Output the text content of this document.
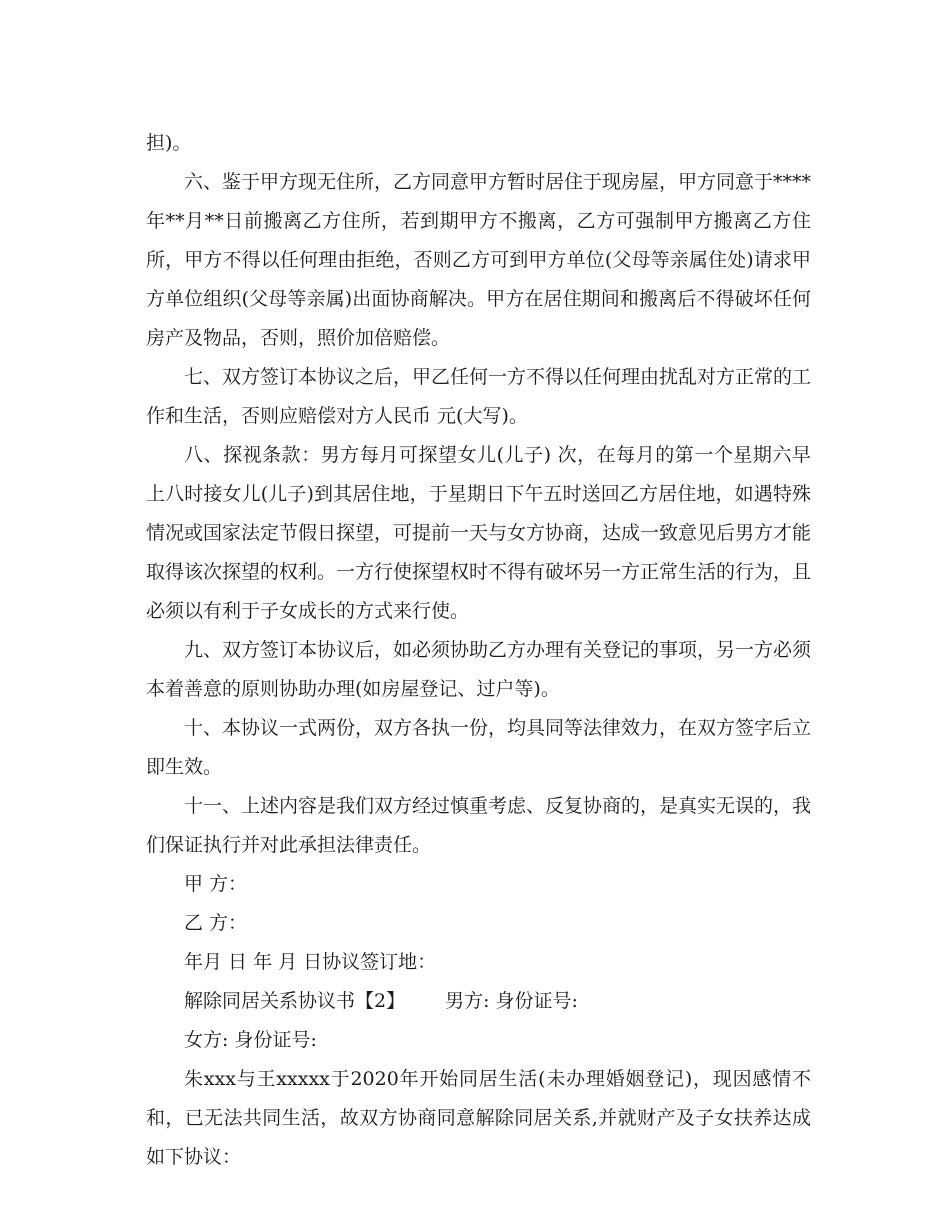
担)。

六、鉴于甲方现无住所，乙方同意甲方暂时居住于现房屋，甲方同意于****年**月**日前搬离乙方住所，若到期甲方不搬离，乙方可强制甲方搬离乙方住所，甲方不得以任何理由拒绝，否则乙方可到甲方单位(父母等亲属住处)请求甲方单位组织(父母等亲属)出面协商解决。甲方在居住期间和搬离后不得破坏任何房产及物品，否则，照价加倍赔偿。

七、双方签订本协议之后，甲乙任何一方不得以任何理由扰乱对方正常的工作和生活，否则应赔偿对方人民币 元(大写)。

八、探视条款：男方每月可探望女儿(儿子) 次，在每月的第一个星期六早上八时接女儿(儿子)到其居住地，于星期日下午五时送回乙方居住地，如遇特殊情况或国家法定节假日探望，可提前一天与女方协商，达成一致意见后男方才能取得该次探望的权利。一方行使探望权时不得有破坏另一方正常生活的行为，且必须以有利于子女成长的方式来行使。

九、双方签订本协议后，如必须协助乙方办理有关登记的事项，另一方必须本着善意的原则协助办理(如房屋登记、过户等)。

十、本协议一式两份，双方各执一份，均具同等法律效力，在双方签字后立即生效。

十一、上述内容是我们双方经过慎重考虑、反复协商的，是真实无误的，我们保证执行并对此承担法律责任。

甲 方：

乙 方：

年月 日 年 月 日协议签订地：

解除同居关系协议书【2】 男方: 身份证号:

女方: 身份证号:

朱xxx与王xxxxx于2020年开始同居生活(未办理婚姻登记)，现因感情不和，已无法共同生活，故双方协商同意解除同居关系,并就财产及子女扶养达成如下协议：
